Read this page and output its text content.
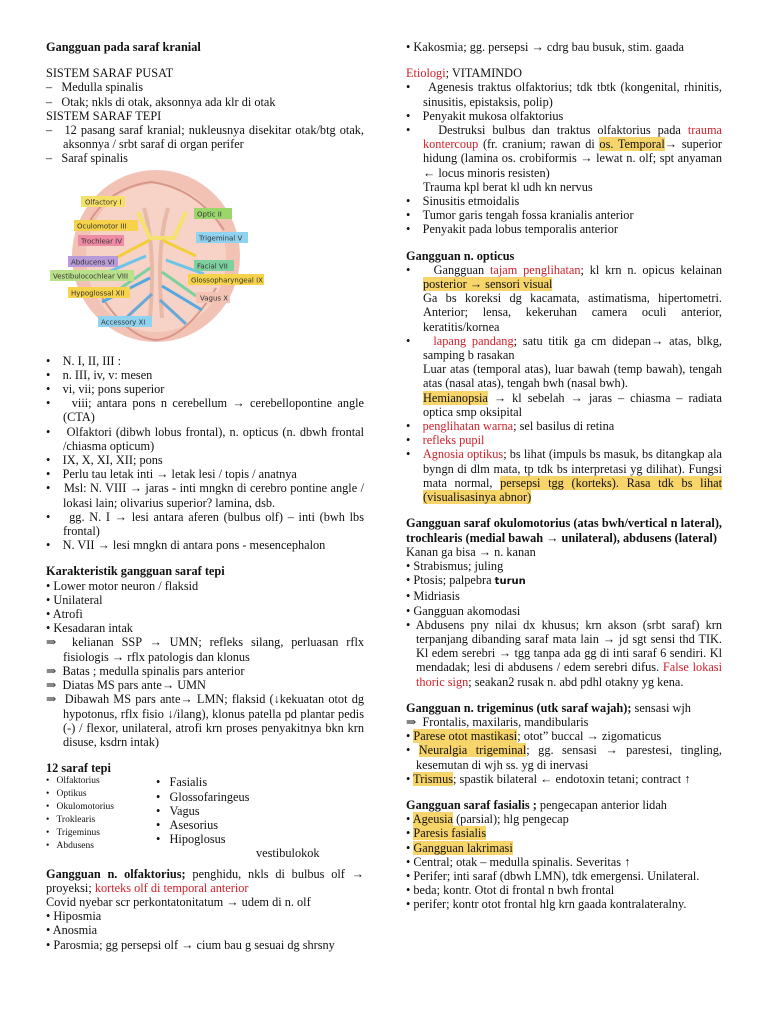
Gangguan pada saraf kranial

SISTEM SARAF PUSAT

–   Medulla spinalis

–   Otak; nkls di otak, aksonnya ada klr di otak

SISTEM SARAF TEPI

–   12 pasang saraf kranial; nukleusnya disekitar otak/btg otak, aksonnya / srbt saraf di organ perifer

–   Saraf spinalis

Olfactory I
Optic II
Oculomotor III
Trochlear IV	Trigeminal V
Abducens VI	Facial VII
Vestibulocochlear VIII	Glossopharyngeal IX
Vagus X
Hypoglossal XII
Accessory XI

•    N. I, II, III :

•    n. III, iv, v: mesen

•    vi, vii; pons superior

•    viii; antara pons n cerebellum → cerebellopontine angle (CTA)

•    Olfaktori (dibwh lobus frontal), n. opticus (n. dbwh frontal /chiasma opticum)

•    IX, X, XI, XII; pons

•    Perlu tau letak inti → letak lesi / topis / anatnya

•    Msl: N. VIII → jaras - inti mngkn di cerebro pontine angle / lokasi lain; olivarius superior? lamina, dsb.

•    gg. N. I → lesi antara aferen (bulbus olf) – inti (bwh lbs frontal)

•    N. VII → lesi mngkn di antara pons - mesencephalon

Karakteristik gangguan saraf tepi

• Lower motor neuron / flaksid

• Unilateral

• Atrofi

• Kesadaran intak

⇒  kelianan SSP → UMN; refleks silang, perluasan rflx fisiologis → rflx patologis dan klonus

⇒  Batas ; medulla spinalis pars anterior

⇒  Diatas MS pars ante→ UMN

⇒  Dibawah MS pars ante→ LMN; flaksid (↓kekuatan otot dg hypotonus, rflx fisio ↓/ilang), klonus patella pd plantar pedis (-) / flexor, unilateral, atrofi krn proses penyakitnya bkn krn disuse, ksdrn intak)

12 saraf tepi

•   Olfaktorius
•   Optikus
•   Okulomotorius
•   Troklearis
•   Trigeminus
•   Abdusens
•   Fasialis
•   Glossofaringeus
•   Vagus
•   Asesorius
•   Hipoglosus
vestibulokok

Gangguan n. olfaktorius; penghidu, nkls di bulbus olf → proyeksi; korteks olf di temporal anterior

Covid nyebar scr perkontatonitatum → udem di n. olf

• Hiposmia

• Anosmia

• Parosmia; gg persepsi olf → cium bau g sesuai dg shrsny

• Kakosmia; gg. persepsi → cdrg bau busuk, stim. gaada

Etiologi; VITAMINDO

•    Agenesis traktus olfaktorius; tdk tbtk (kongenital, rhinitis, sinusitis, epistaksis, polip)

•    Penyakit mukosa olfaktorius

•    Destruksi bulbus dan traktus olfaktorius pada trauma kontercoup (fr. cranium; rawan di os. Temporal→ superior hidung (lamina os. crobiformis → lewat n. olf; spt anyaman ← locus minoris resisten)

Trauma kpl berat kl udh kn nervus

•    Sinusitis etmoidalis

•    Tumor garis tengah fossa kranialis anterior

•    Penyakit pada lobus temporalis anterior

Gangguan n. opticus

•    Gangguan tajam penglihatan; kl krn n. opicus kelainan posterior → sensori visual

Ga bs koreksi dg kacamata, astimatisma, hipertometri. Anterior; lensa, kekeruhan camera oculi anterior, keratitis/kornea

•    lapang pandang; satu titik ga cm didepan→ atas, blkg, samping b rasakan

Luar atas (temporal atas), luar bawah (temp bawah), tengah atas (nasal atas), tengah bwh (nasal bwh).

Hemianopsia → kl sebelah → jaras – chiasma – radiata optica smp oksipital

•    penglihatan warna; sel basilus di retina

•    refleks pupil

•    Agnosia optikus; bs lihat (impuls bs masuk, bs ditangkap ala byngn di dlm mata, tp tdk bs interpretasi yg dilihat). Fungsi mata normal, persepsi tgg (korteks). Rasa tdk bs lihat (visualisasinya abnor)

Gangguan saraf okulomotorius (atas bwh/vertical n lateral), trochlearis (medial bawah → unilateral), abdusens (lateral)

Kanan ga bisa → n. kanan

• Strabismus; juling

• Ptosis; palpebra turun

• Midriasis

• Gangguan akomodasi

• Abdusens pny nilai dx khusus; krn akson (srbt saraf) krn terpanjang dibanding saraf mata lain → jd sgt sensi thd TIK. Kl edem serebri → tgg tanpa ada gg di inti saraf 6 sendiri. Kl mendadak; lesi di abdusens / edem serebri difus. False lokasi thoric sign; seakan2 rusak n. abd pdhl otakny yg kena.

Gangguan n. trigeminus (utk saraf wajah); sensasi wjh

⇒  Frontalis, maxilaris, mandibularis

• Parese otot mastikasi; otot” buccal → zigomaticus

• Neuralgia trigeminal; gg. sensasi → parestesi, tingling, kesemutan di wjh ss. yg di inervasi

• Trismus; spastik bilateral ← endotoxin tetani; contract ↑

Gangguan saraf fasialis ; pengecapan anterior lidah

• Ageusia (parsial); hlg pengecap

• Paresis fasialis

• Gangguan lakrimasi

• Central; otak – medulla spinalis. Severitas ↑

• Perifer; inti saraf (dbwh LMN), tdk emergensi. Unilateral.

• beda; kontr. Otot di frontal n bwh frontal

• perifer; kontr otot frontal hlg krn gaada kontralateralny.
